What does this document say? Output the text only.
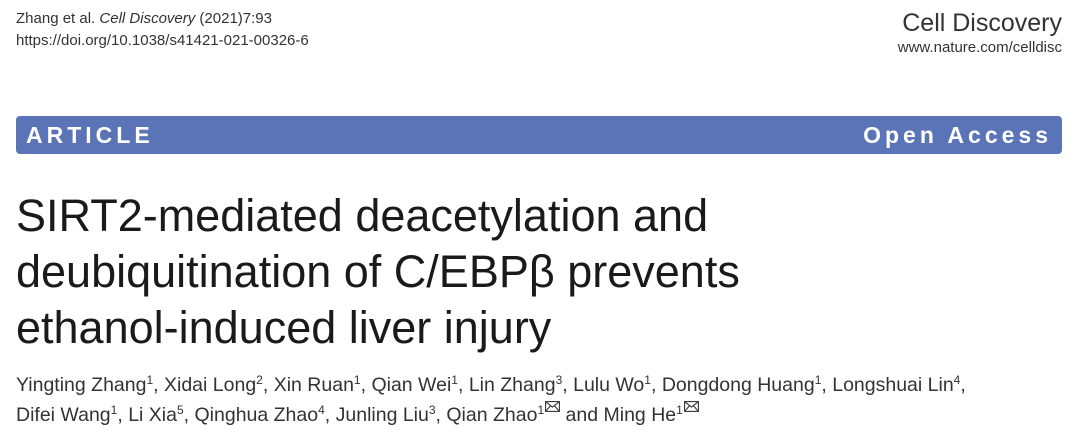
Zhang et al. Cell Discovery (2021)7:93
https://doi.org/10.1038/s41421-021-00326-6
Cell Discovery
www.nature.com/celldisc
ARTICLE	Open Access
SIRT2-mediated deacetylation and
deubiquitination of C/EBPβ prevents
ethanol-induced liver injury
Yingting Zhang$^1$, Xidai Long$^2$, Xin Ruan$^1$, Qian Wei$^1$, Lin Zhang$^3$, Lulu Wo$^1$, Dongdong Huang$^1$, Longshuai Lin$^4$,
Difei Wang$^1$, Li Xia$^5$, Qinghua Zhao$^4$, Junling Liu$^3$, Qian Zhao$^1$
and Ming He$^1$
